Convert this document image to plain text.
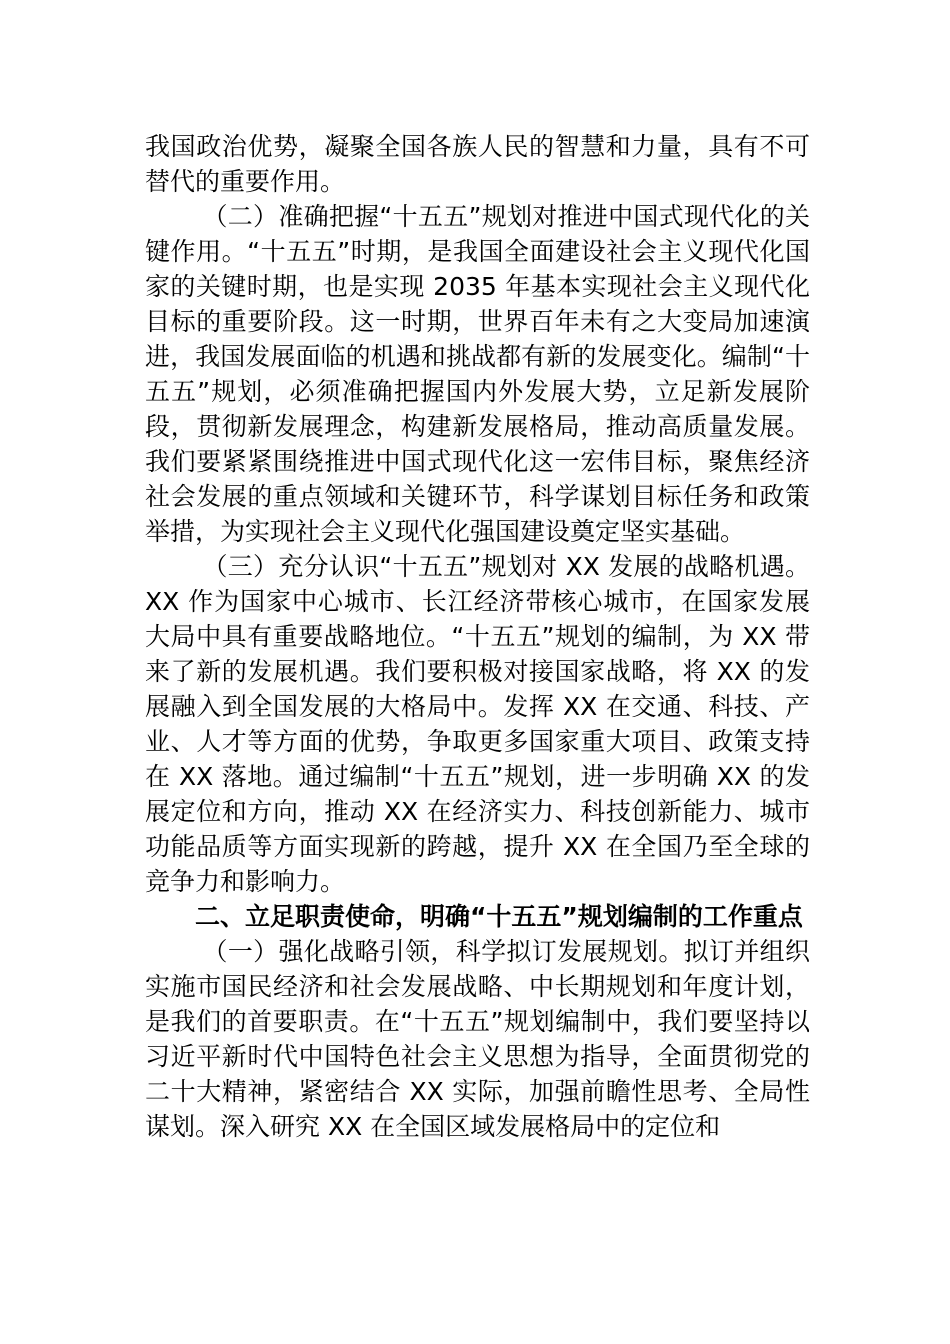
我国政治优势，凝聚全国各族人民的智慧和力量，具有不可替代的重要作用。

（二）准确把握“十五五”规划对推进中国式现代化的关键作用。“十五五”时期，是我国全面建设社会主义现代化国家的关键时期，也是实现 2035 年基本实现社会主义现代化目标的重要阶段。这一时期，世界百年未有之大变局加速演进，我国发展面临的机遇和挑战都有新的发展变化。编制“十五五”规划，必须准确把握国内外发展大势，立足新发展阶段，贯彻新发展理念，构建新发展格局，推动高质量发展。我们要紧紧围绕推进中国式现代化这一宏伟目标，聚焦经济社会发展的重点领域和关键环节，科学谋划目标任务和政策举措，为实现社会主义现代化强国建设奠定坚实基础。

（三）充分认识“十五五”规划对 XX 发展的战略机遇。XX 作为国家中心城市、长江经济带核心城市，在国家发展大局中具有重要战略地位。“十五五”规划的编制，为 XX 带来了新的发展机遇。我们要积极对接国家战略，将 XX 的发展融入到全国发展的大格局中。发挥 XX 在交通、科技、产业、人才等方面的优势，争取更多国家重大项目、政策支持在 XX 落地。通过编制“十五五”规划，进一步明确 XX 的发展定位和方向，推动 XX 在经济实力、科技创新能力、城市功能品质等方面实现新的跨越，提升 XX 在全国乃至全球的竞争力和影响力。

二、立足职责使命，明确“十五五”规划编制的工作重点

（一）强化战略引领，科学拟订发展规划。拟订并组织实施市国民经济和社会发展战略、中长期规划和年度计划，是我们的首要职责。在“十五五”规划编制中，我们要坚持以习近平新时代中国特色社会主义思想为指导，全面贯彻党的二十大精神，紧密结合 XX 实际，加强前瞻性思考、全局性谋划。深入研究 XX 在全国区域发展格局中的定位和
